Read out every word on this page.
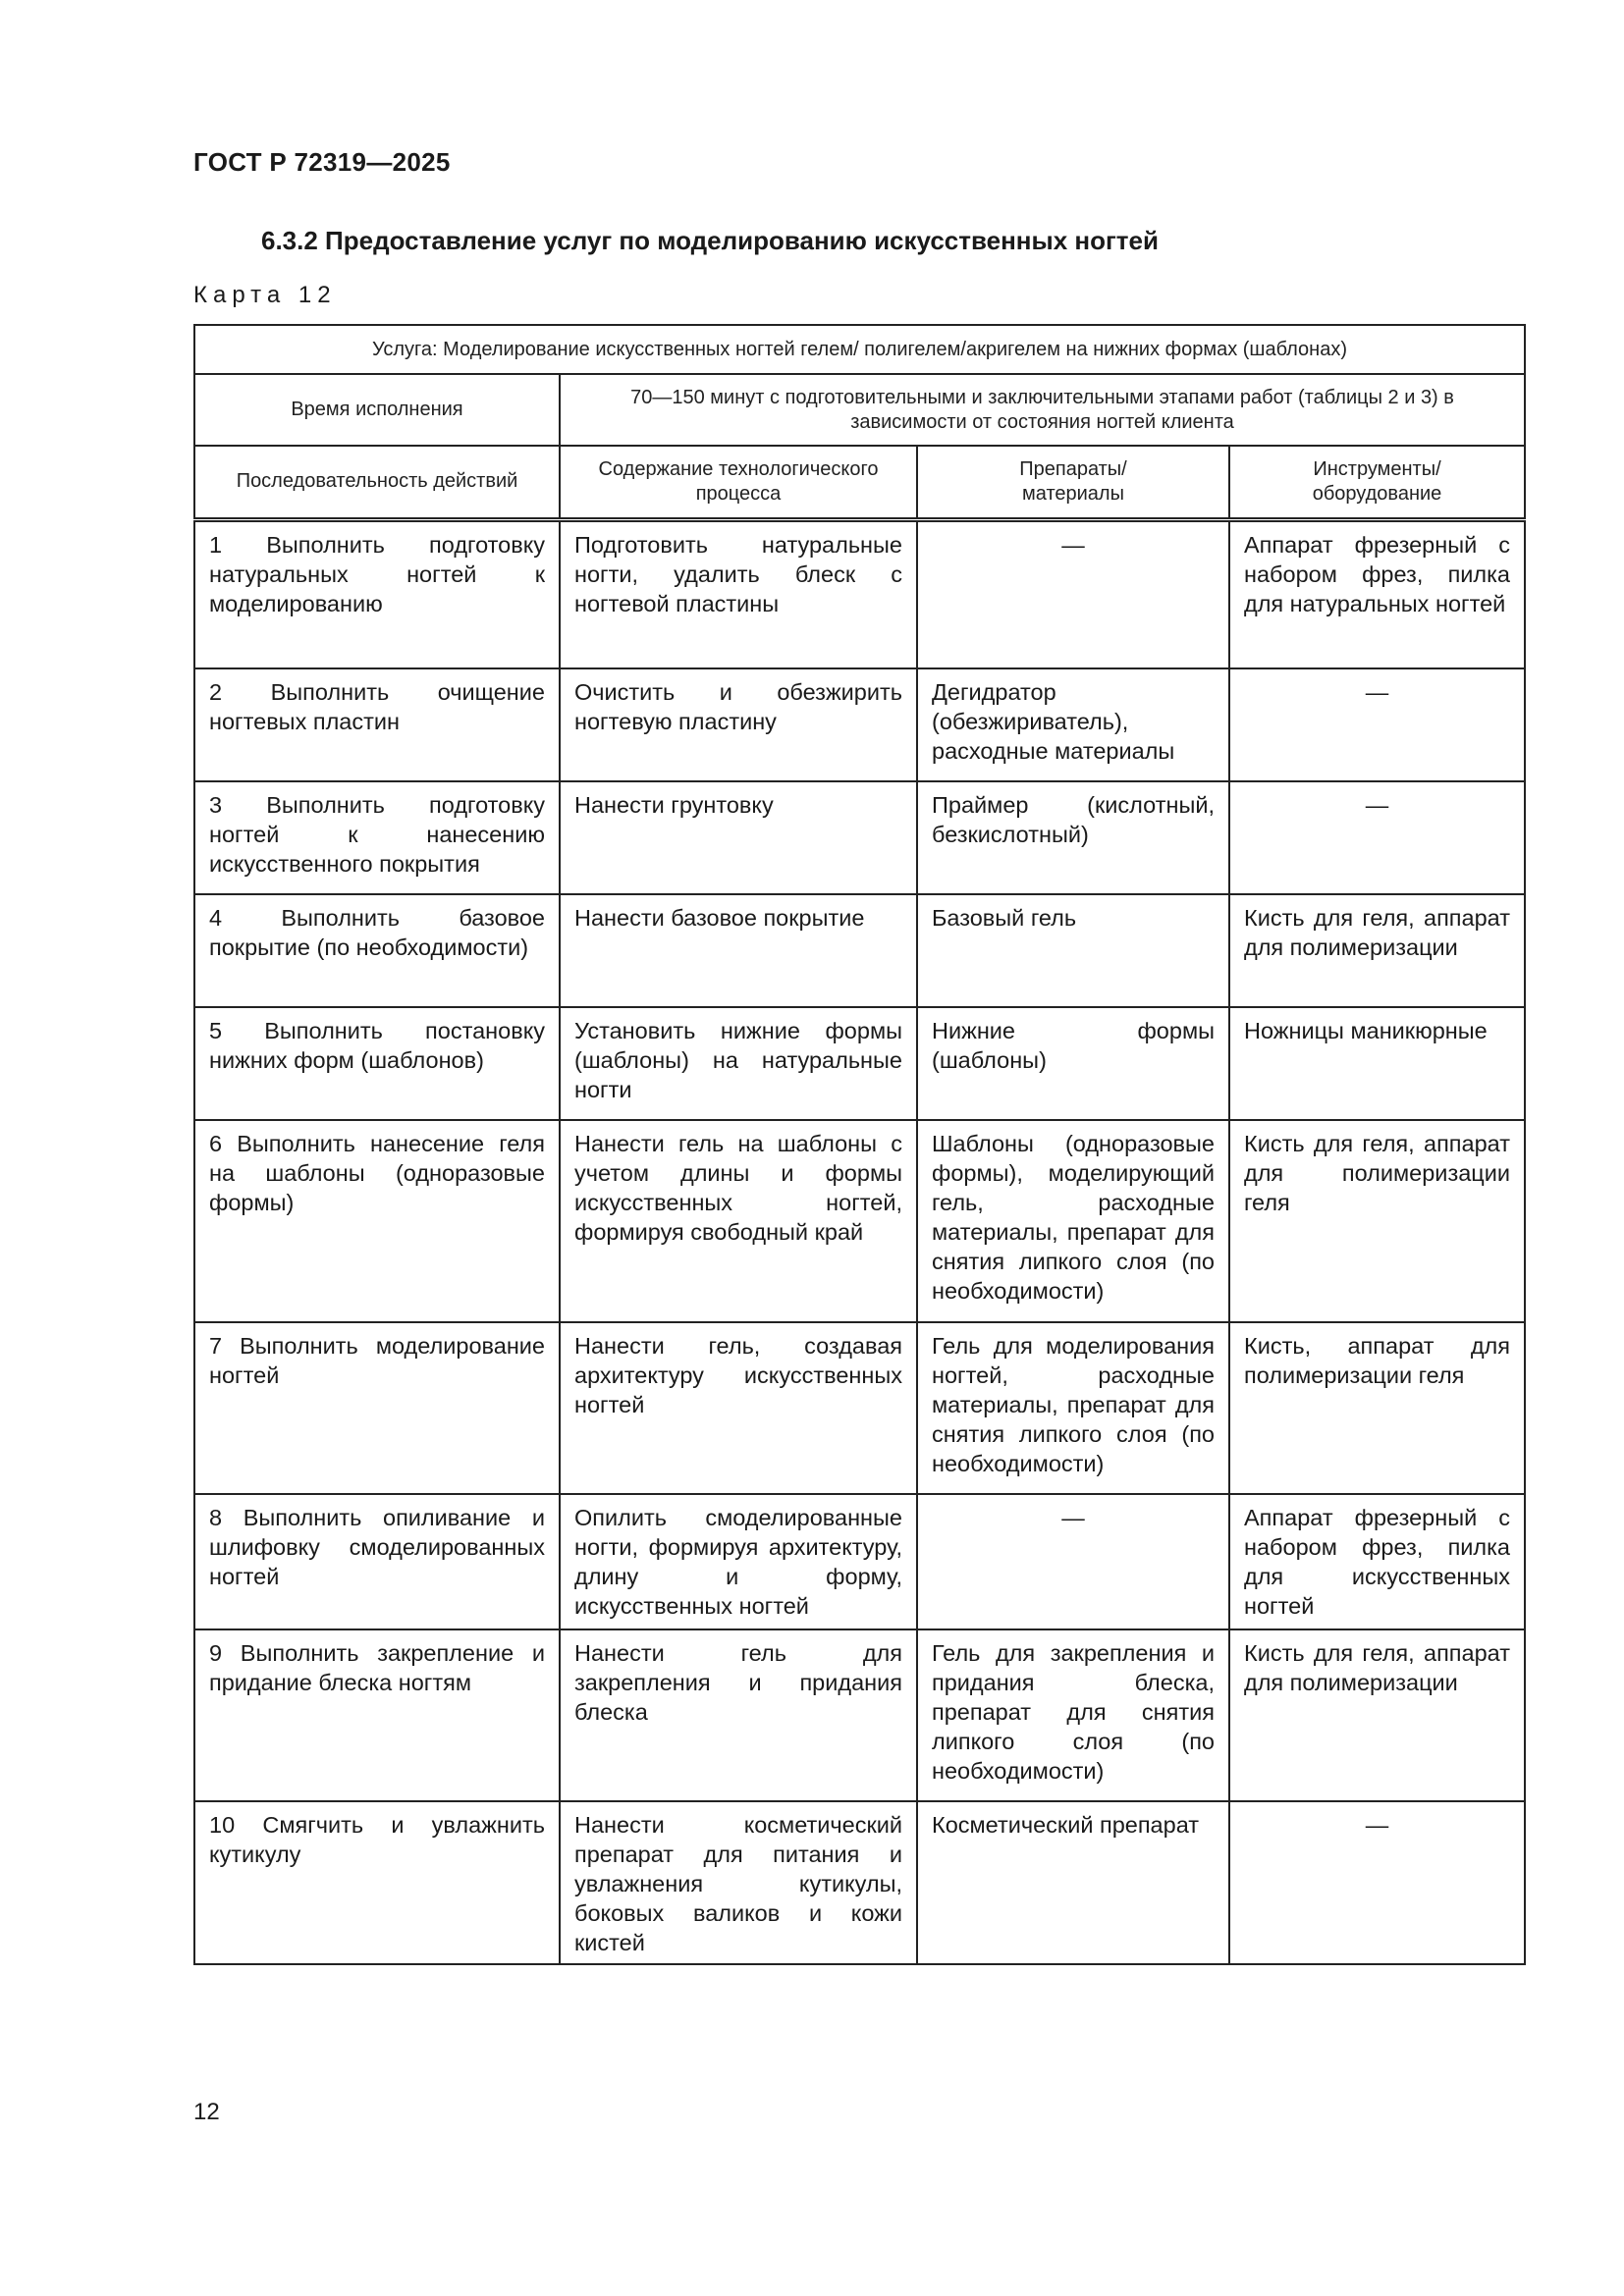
ГОСТ Р 72319—2025
6.3.2 Предоставление услуг по моделированию искусственных ногтей
Карта 12
Услуга: Моделирование искусственных ногтей гелем/ полигелем/акригелем на нижних формах (шаблонах)			
Время исполнения	70—150 минут с подготовительными и заключительными этапами работ (таблицы 2 и 3) в зависимости от состояния ногтей клиента		
Последовательность действий	Содержание технологического процесса	Препараты/ материалы	Инструменты/ оборудование
1 Выполнить подготовку натуральных ногтей к моделированию	Подготовить натуральные ногти, удалить блеск с ногтевой пластины	—	Аппарат фрезерный с набором фрез, пилка для натуральных ногтей
2 Выполнить очищение ногтевых пластин	Очистить и обезжирить ногтевую пластину	Дегидратор (обезжириватель), расходные материалы	—
3 Выполнить подготовку ногтей к нанесению искусственного покрытия	Нанести грунтовку	Праймер (кислотный, безкислотный)	—
4 Выполнить базовое покрытие (по необходимости)	Нанести базовое покрытие	Базовый гель	Кисть для геля, аппарат для полимеризации
5 Выполнить постановку нижних форм (шаблонов)	Установить нижние формы (шаблоны) на натуральные ногти	Нижние формы (шаблоны)	Ножницы маникюрные
6 Выполнить нанесение геля на шаблоны (одноразовые формы)	Нанести гель на шаблоны с учетом длины и формы искусственных ногтей, формируя свободный край	Шаблоны (одноразовые формы), моделирующий гель, расходные материалы, препарат для снятия липкого слоя (по необходимости)	Кисть для геля, аппарат для полимеризации геля
7 Выполнить моделирование ногтей	Нанести гель, создавая архитектуру искусственных ногтей	Гель для моделирования ногтей, расходные материалы, препарат для снятия липкого слоя (по необходимости)	Кисть, аппарат для полимеризации геля
8 Выполнить опиливание и шлифовку смоделированных ногтей	Опилить смоделированные ногти, формируя архитектуру, длину и форму, искусственных ногтей	—	Аппарат фрезерный с набором фрез, пилка для искусственных ногтей
9 Выполнить закрепление и придание блеска ногтям	Нанести гель для закрепления и придания блеска	Гель для закрепления и придания блеска, препарат для снятия липкого слоя (по необходимости)	Кисть для геля, аппарат для полимеризации
10 Смягчить и увлажнить кутикулу	Нанести косметический препарат для питания и увлажнения кутикулы, боковых валиков и кожи кистей	Косметический препарат	—
12
